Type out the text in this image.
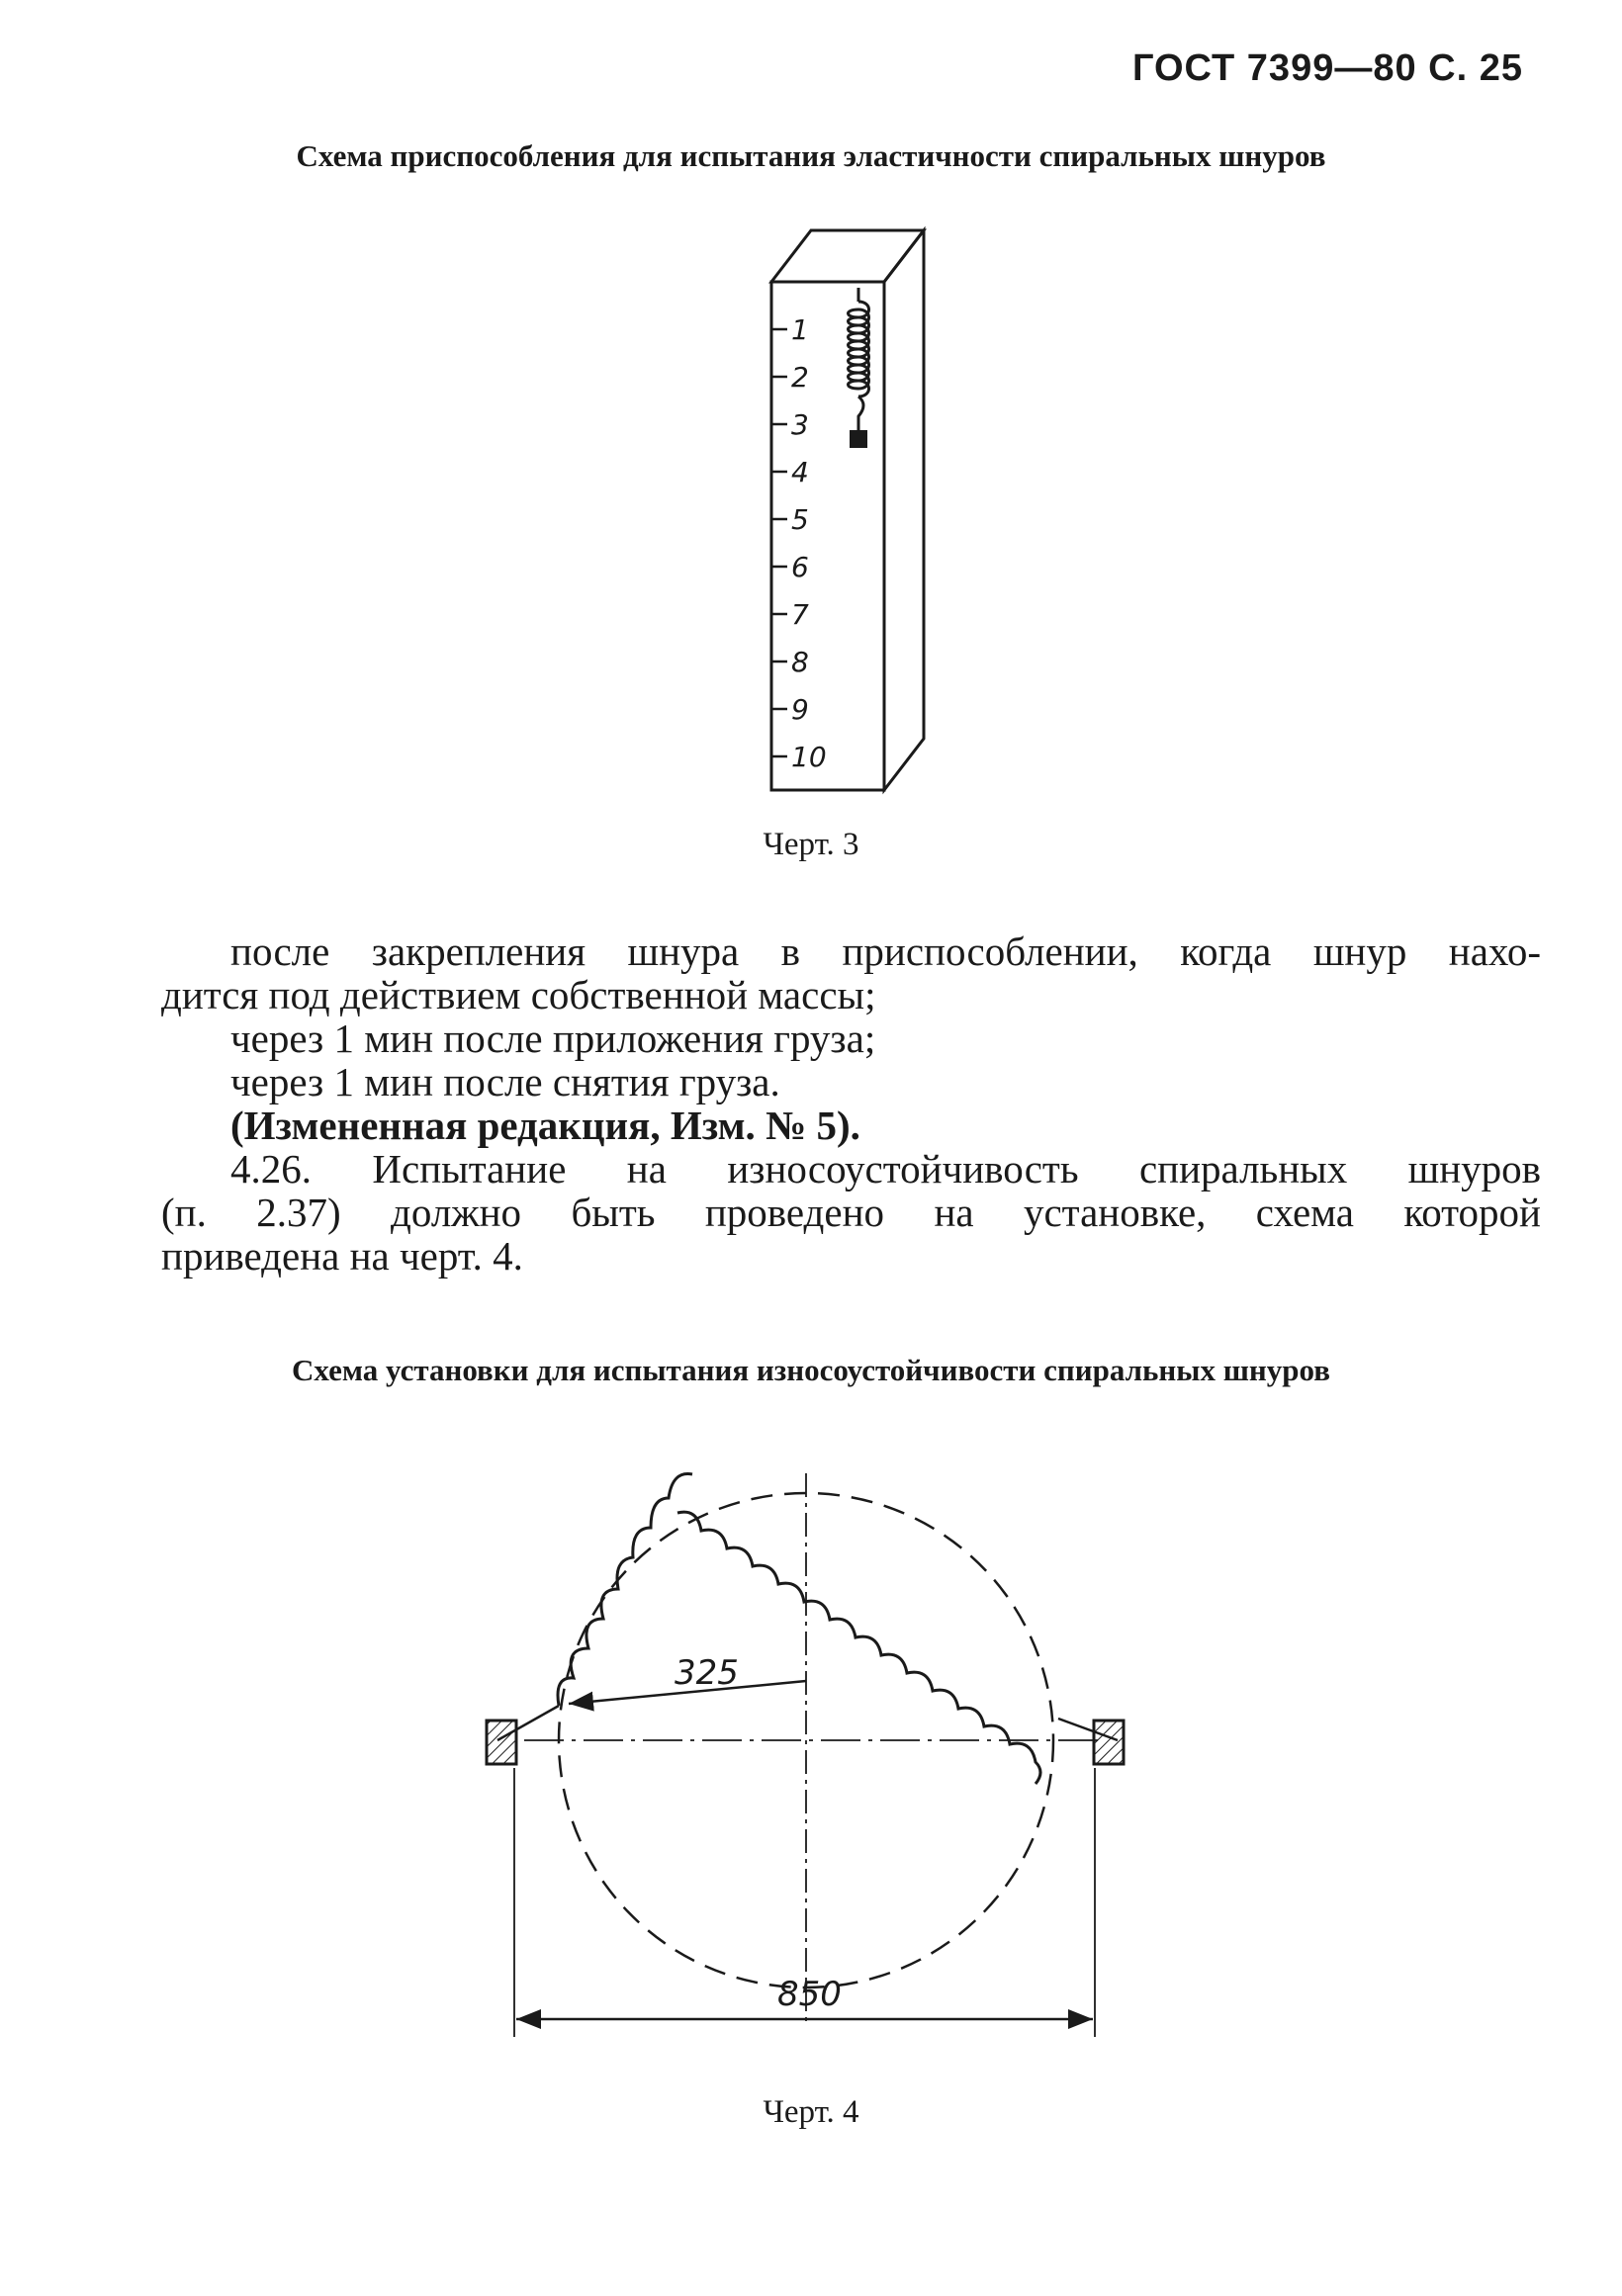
ГОСТ 7399—80 С. 25
Схема приспособления для испытания эластичности спиральных шнуров
1
2
3
4
5
6
7
8
9
10
Черт. 3

после закрепления шнура в приспособлении, когда шнур нахо-

дится под действием собственной массы;

через 1 мин после приложения груза;

через 1 мин после снятия груза.

(Измененная редакция, Изм. № 5).

4.26. Испытание на износоустойчивость спиральных шнуров

(п. 2.37) должно быть проведено на установке, схема которой

приведена на черт. 4.

Схема установки для испытания износоустойчивости спиральных шнуров
325
850
Черт. 4
